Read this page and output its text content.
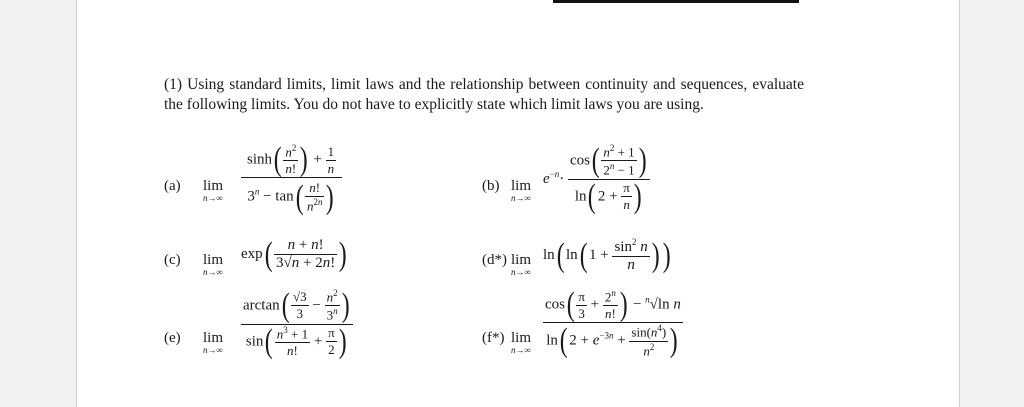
(1) Using standard limits, limit laws and the relationship between continuity and sequences, evaluate the following limits. You do not have to explicitly state which limit laws you are using.
(a) lim
$n\to\infty \frac{\sinh( \frac{n^2}{n!} ) + \frac{1}{n}}{3^n - \tan( \frac{n!}{n^{2n}} )}$	(b) lim
n→∞
$e^{-n}\cdot \frac{\cos( \frac{n^2 + 1}{2^n - 1} )}{\ln( 2 + \frac{\pi}{n} )}$
(c) lim
n→∞
$\exp( \frac{n + n!}{3√n + 2n!}$ )	(d*) lim
n→∞
ln( ln( $1 + \frac{\sin^2 n}{n}$ ))
(e) lim
$n\to\infty \frac{\arctan( \frac{√3}{3} - \frac{n^2}{3^n} )}{\sin( \frac{n^3 + 1}{n!} + \frac{\pi}{2} )}$	(f*) lim
$n\to\infty \frac{\cos( \frac{\pi}{3} + \frac{2^n}{n!} ) - ^n√\ln n}{\ln( 2 + e^{-3n} + \frac{\sin(n^4)}{n^2} )}$
